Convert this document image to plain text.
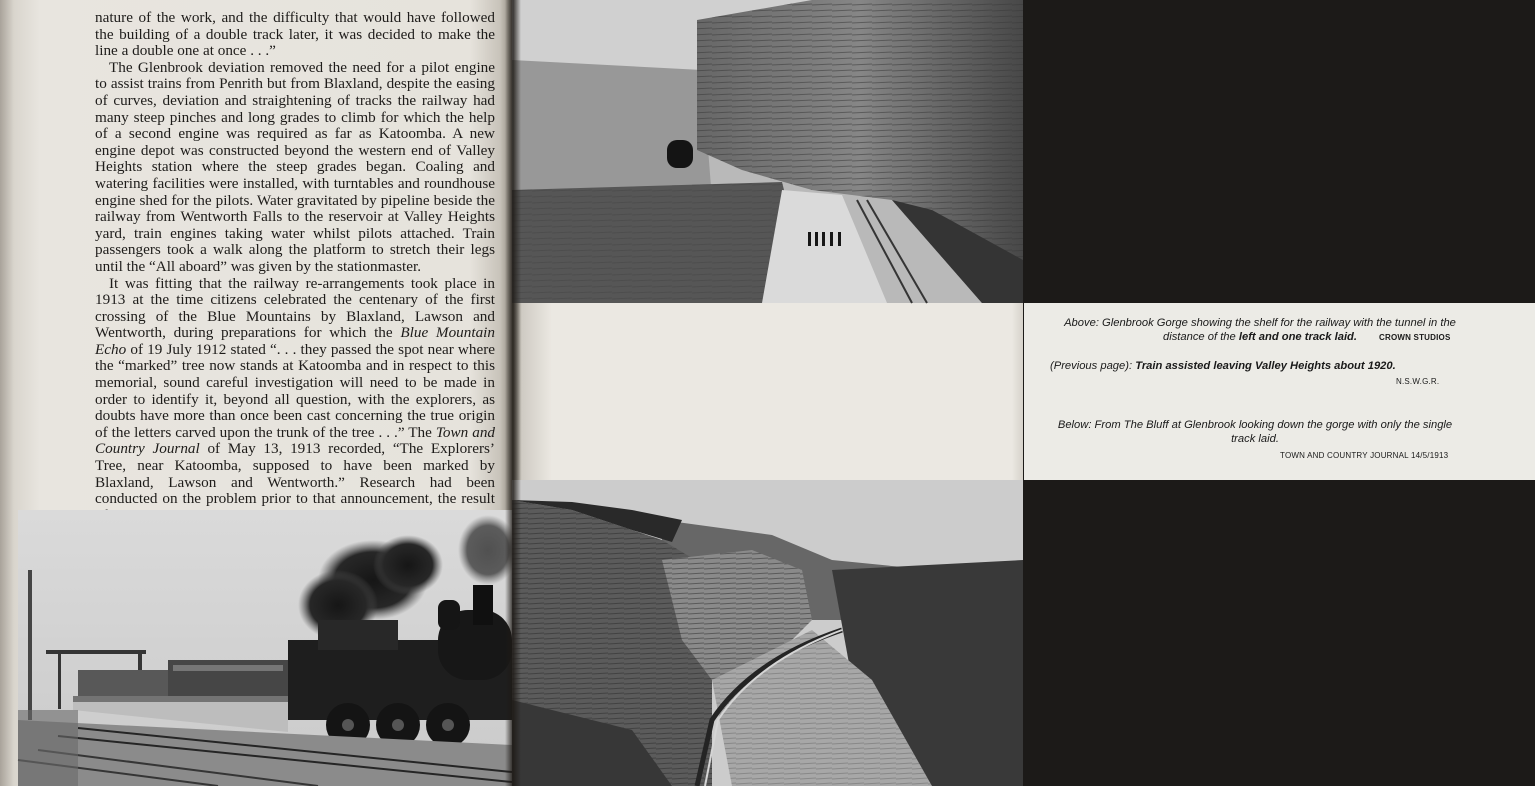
nature of the work, and the difficulty that would have followed the building of a double track later, it was decided to make the line a double one at once . . .”

The Glenbrook deviation removed the need for a pilot engine to assist trains from Penrith but from Blaxland, despite the easing of curves, deviation and straightening of tracks the railway had many steep pinches and long grades to climb for which the help of a second engine was required as far as Katoomba. A new engine depot was constructed beyond the western end of Valley Heights station where the steep grades began. Coaling and watering facilities were installed, with turntables and roundhouse engine shed for the pilots. Water gravitated by pipeline beside the railway from Wentworth Falls to the reservoir at Valley Heights yard, train engines taking water whilst pilots attached. Train passengers took a walk along the platform to stretch their legs until the “All aboard” was given by the stationmaster.

It was fitting that the railway re-arrangements took place in 1913 at the time citizens celebrated the centenary of the first crossing of the Blue Mountains by Blaxland, Lawson and Wentworth, during preparations for which the Blue Mountain Echo of 19 July 1912 stated “. . . they passed the spot near where the “marked” tree now stands at Katoomba and in respect to this memorial, sound careful investigation will need to be made in order to identify it, beyond all question, with the explorers, as doubts have more than once been cast concerning the true origin of the letters carved upon the trunk of the tree . . .” The Town and Country Journal of May 13, 1913 recorded, “The Explorers’ Tree, near Katoomba, supposed to have been marked by Blaxland, Lawson and Wentworth.” Research had been conducted on the problem prior to that announcement, the result

Above: Glenbrook Gorge showing the shelf for the railway with the tunnel in the distance of the left and one track laid.	CROWN STUDIOS
(Previous page): Train assisted leaving Valley Heights about 1920.
N.S.W.G.R.
Below: From The Bluff at Glenbrook looking down the gorge with only the single track laid.
TOWN AND COUNTRY JOURNAL 14/5/1913
